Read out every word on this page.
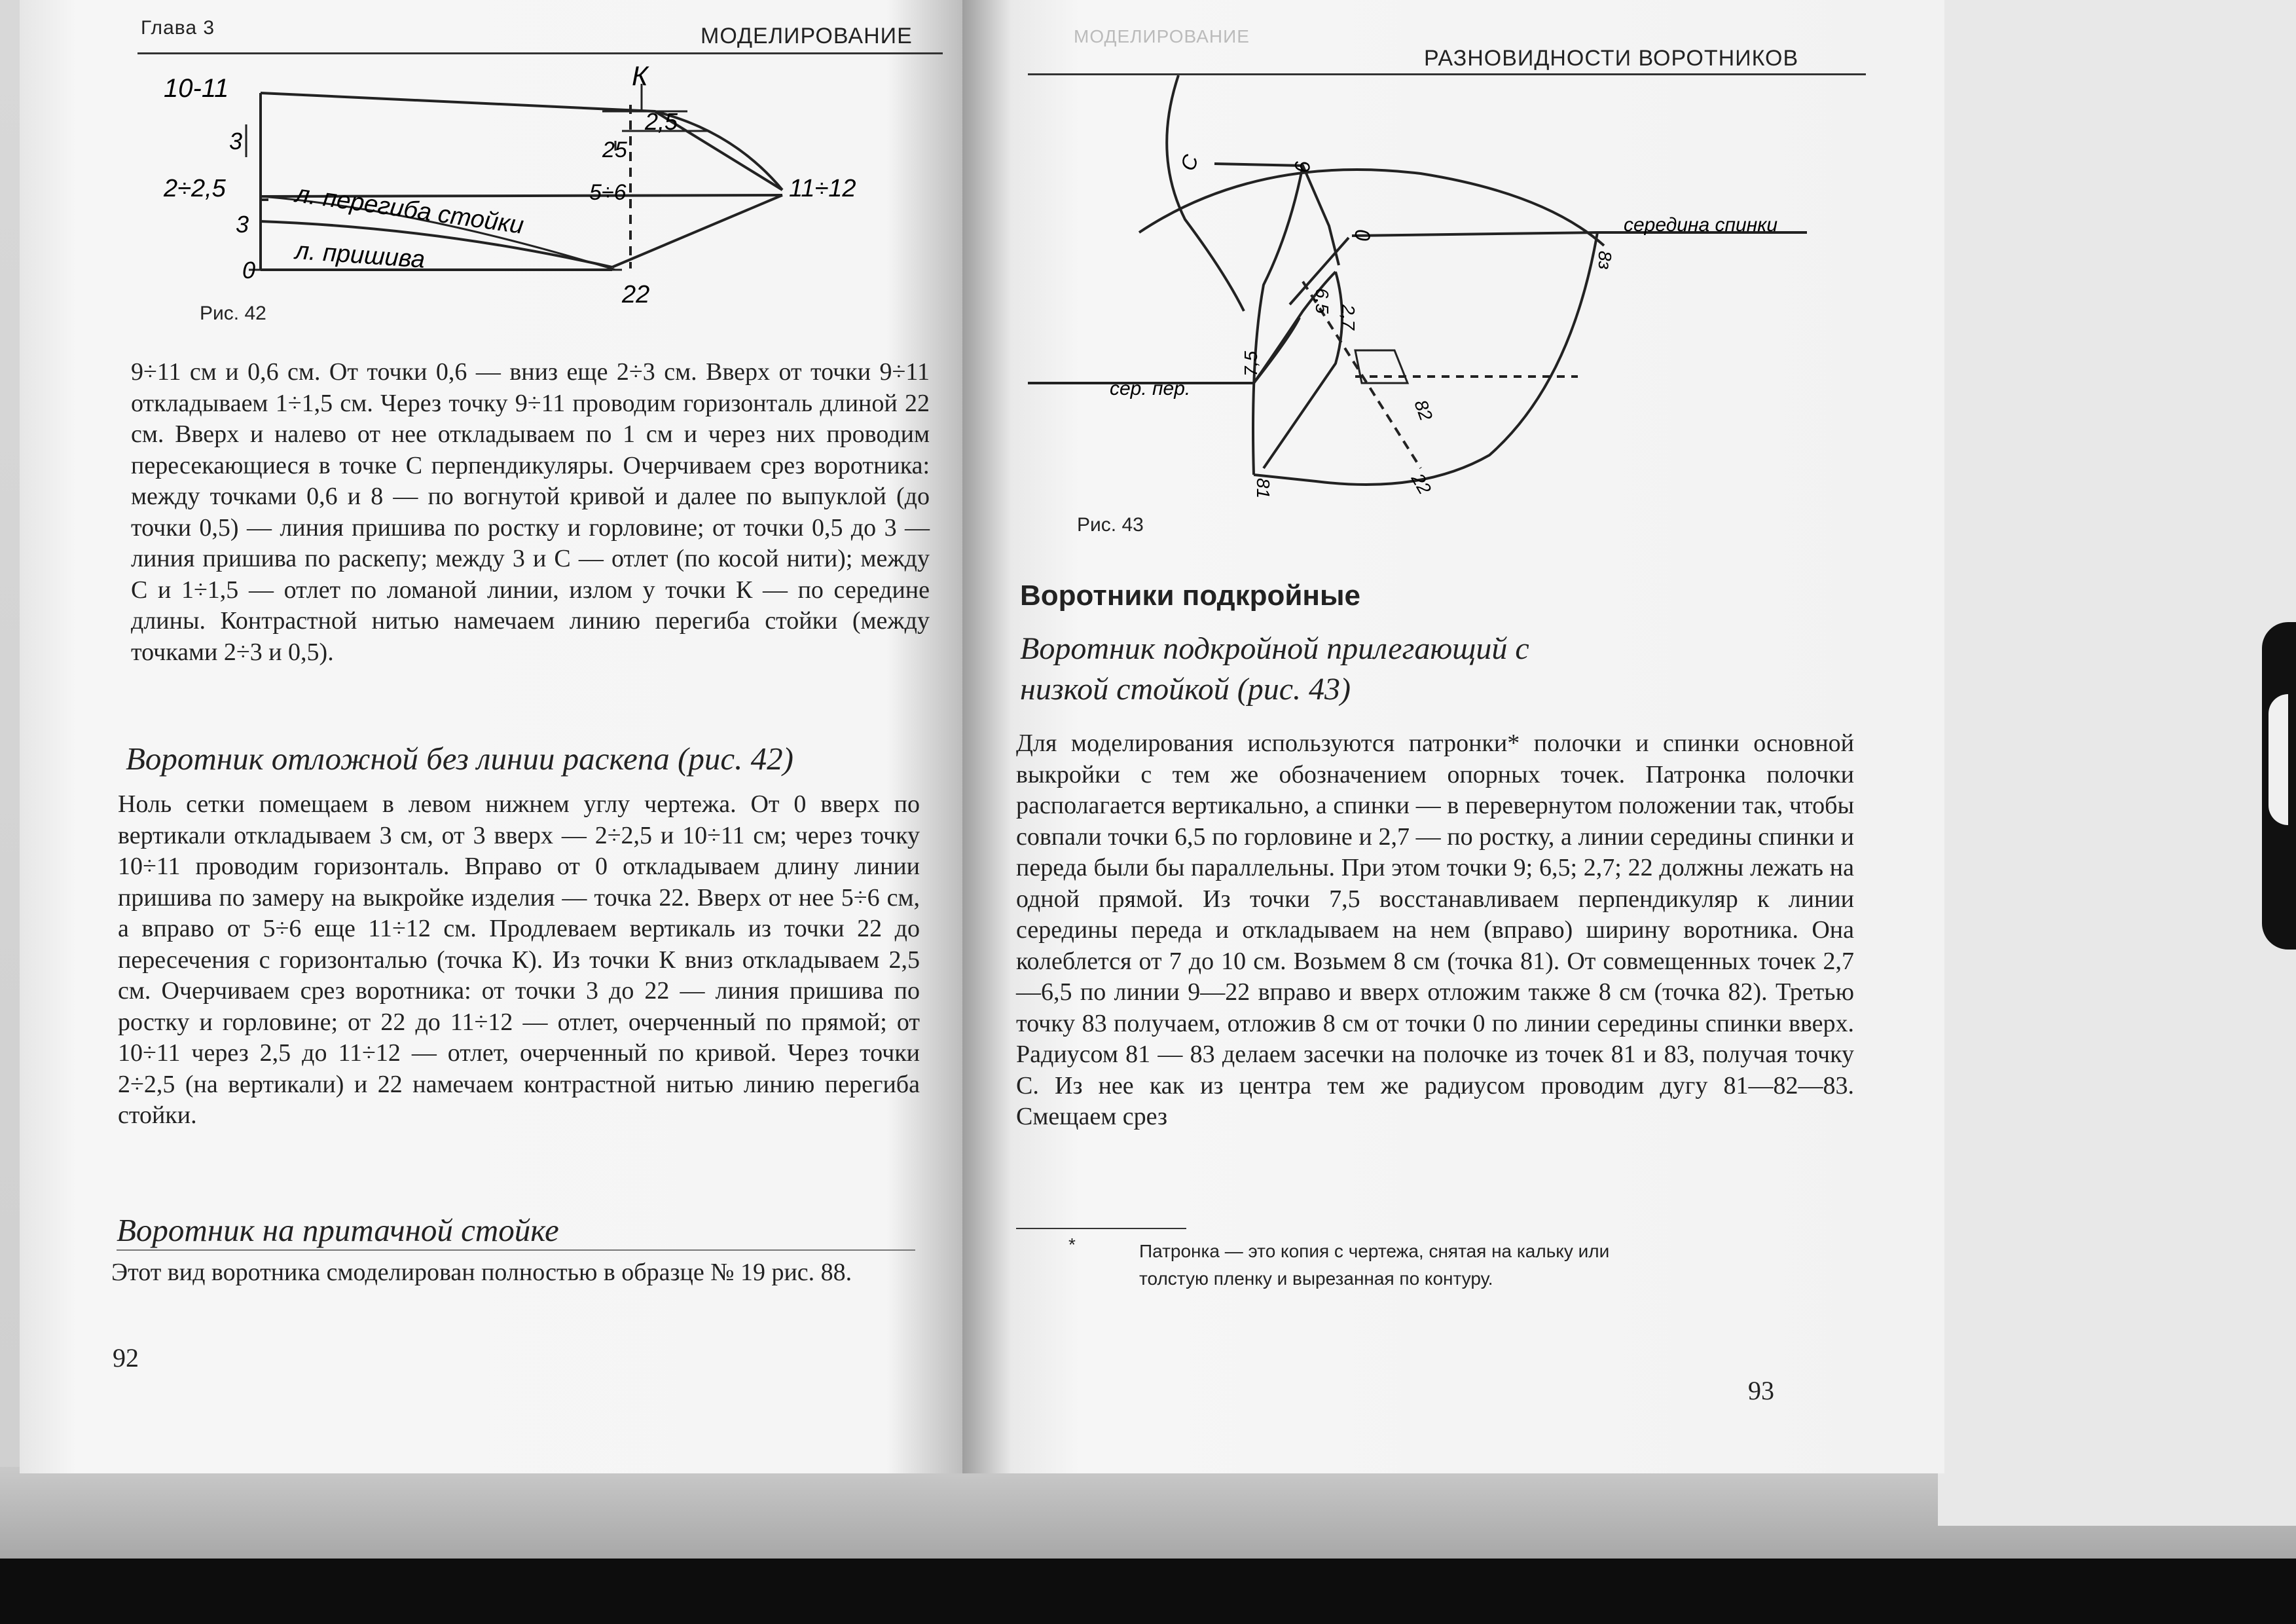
Глава 3	МОДЕЛИРОВАНИЕ
10-11
3
2÷2,5
3
0
К
2,5
25
5÷6	11÷12
22
л. перегиба стойки
л. пришива
Рис. 42

9÷11 см и 0,6 см. От точки 0,6 — вниз еще 2÷3 см. Вверх от точки 9÷11 откладываем 1÷1,5 см. Через точку 9÷11 проводим горизонталь длиной 22 см. Вверх и налево от нее откладываем по 1 см и через них проводим пересекающиеся в точке С перпендикуляры. Очерчиваем срез воротника: между точками 0,6 и 8 — по вогнутой кривой и далее по выпуклой (до точки 0,5) — линия пришива по ростку и горловине; от точки 0,5 до 3 — линия пришива по раскепу; между 3 и С — отлет (по косой нити); между С и 1÷1,5 — отлет по ломаной линии, излом у точки К — по середине длины. Контрастной нитью намечаем линию перегиба стойки (между точками 2÷3 и 0,5).

Воротник отложной без линии раскепа (рис. 42)

Ноль сетки помещаем в левом нижнем углу чертежа. От 0 вверх по вертикали откладываем 3 см, от 3 вверх — 2÷2,5 и 10÷11 см; через точку 10÷11 проводим горизонталь. Вправо от 0 откладываем длину линии пришива по замеру на выкройке изделия — точка 22. Вверх от нее 5÷6 см, а вправо от 5÷6 еще 11÷12 см. Продлеваем вертикаль из точки 22 до пересечения с горизонталью (точка К). Из точки К вниз откладываем 2,5 см. Очерчиваем срез воротника: от точки 3 до 22 — линия пришива по ростку и горловине; от 22 до 11÷12 — отлет, очерченный по прямой; от 10÷11 через 2,5 до 11÷12 — отлет, очерченный по кривой. Через точки 2÷2,5 (на вертикали) и 22 намечаем контрастной нитью линию перегиба стойки.

Воротник на притачной стойке

Этот вид воротника смоделирован полностью в образце № 19 рис. 88.

92
МОДЕЛИРОВАНИЕ
РАЗНОВИДНОСТИ ВОРОТНИКОВ
С	9
0
8з
середина спинки
6,5
2,7
7,5
82
81	22
сер. пер.
Рис. 43
Воротники подкройные
Воротник подкройной прилегающий с низкой стойкой (рис. 43)

Для моделирования используются патронки* полочки и спинки основной выкройки с тем же обозначением опорных точек. Патронка полочки располагается вертикально, а спинки — в перевернутом положении так, чтобы совпали точки 6,5 по горловине и 2,7 — по ростку, а линии середины спинки и переда были бы параллельны. При этом точки 9; 6,5; 2,7; 22 должны лежать на одной прямой. Из точки 7,5 восстанавливаем перпендикуляр к линии середины переда и откладываем на нем (вправо) ширину воротника. Она колеблется от 7 до 10 см. Возьмем 8 см (точка 81). От совмещенных точек 2,7—6,5 по линии 9—22 вправо и вверх отложим также 8 см (точка 82). Третью точку 83 получаем, отложив 8 см от точки 0 по линии середины спинки вверх. Радиусом 81 — 83 делаем засечки на полочке из точек 81 и 83, получая точку С. Из нее как из центра тем же радиусом проводим дугу 81—82—83. Смещаем срез

*	Патронка — это копия с чертежа, снятая на кальку или толстую пленку и вырезанная по контуру.
93
